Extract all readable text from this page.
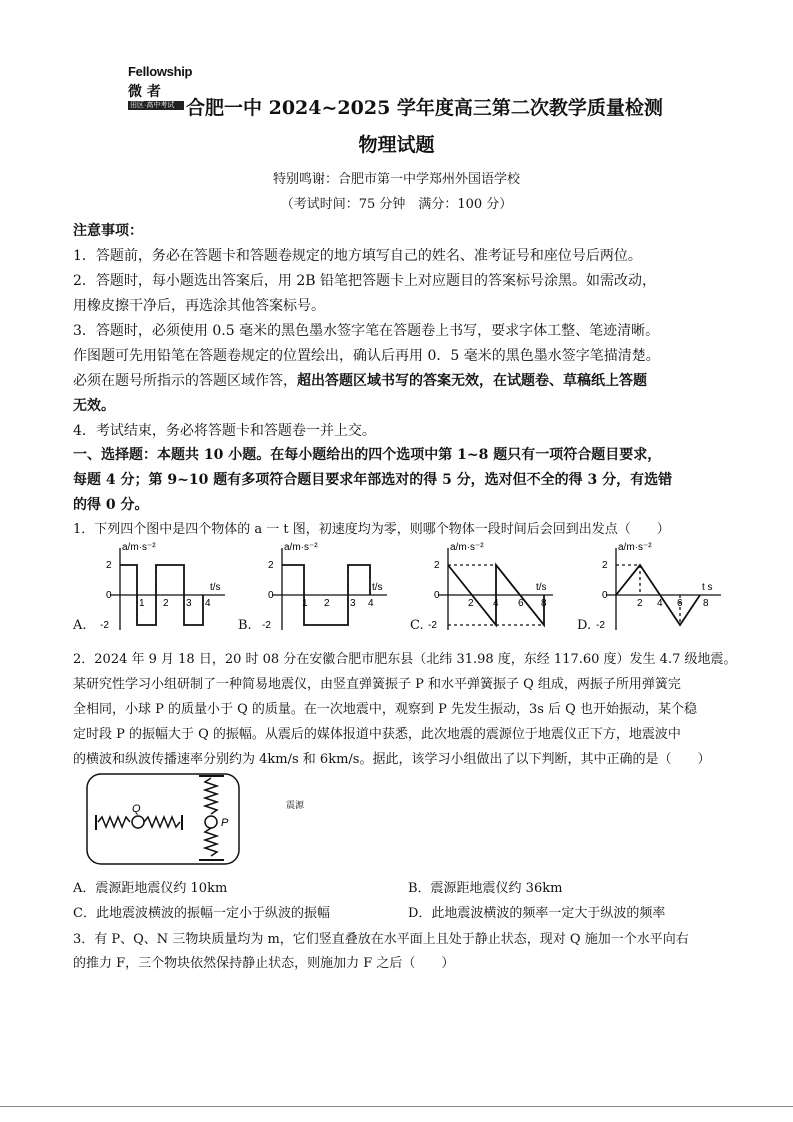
Fellowship
微 者
田区·高中考试 合肥一中 2024~2025 学年度高三第二次教学质量检测
物理试题
特别鸣谢：合肥市第一中学郑州外国语学校
（考试时间：75 分钟　满分：100 分）
注意事项：
1．答题前，务必在答题卡和答题卷规定的地方填写自己的姓名、准考证号和座位号后两位。
2．答题时，每小题选出答案后，用 2B 铅笔把答题卡上对应题目的答案标号涂黑。如需改动，
用橡皮擦干净后，再选涂其他答案标号。
3．答题时，必须使用 0.5 毫米的黑色墨水签字笔在答题卷上书写，要求字体工整、笔迹清晰。
作图题可先用铅笔在答题卷规定的位置绘出，确认后再用 0．5 毫米的黑色墨水签字笔描清楚。
必须在题号所指示的答题区域作答，超出答题区域书写的答案无效，在试题卷、草稿纸上答题
无效。
4．考试结束，务必将答题卡和答题卷一并上交。
一、选择题：本题共 10 小题。在每小题给出的四个选项中第 1~8 题只有一项符合题目要求，
每题 4 分；第 9~10 题有多项符合题目要求年部选对的得 5 分，选对但不全的得 3 分，有选错
的得 0 分。
1．下列四个图中是四个物体的 a 一 t 图，初速度均为零，则哪个物体一段时间后会回到出发点（　　）
A.
a/m·s⁻²
t/s
2
0
1 2 3 4
-2	B.
a/m·s⁻²
t/s
2
0
1 2 3 4
-2	C.
a/m·s⁻²
t/s
2
0
2 4 6 8
-2	D.
a/m·s⁻²
t s
2
0
2 4 6 8
-2
2．2024 年 9 月 18 日，20 时 08 分在安徽合肥市肥东县（北纬 31.98 度，东经 117.60 度）发生 4.7 级地震。
某研究性学习小组研制了一种简易地震仪，由竖直弹簧振子 P 和水平弹簧振子 Q 组成，两振子所用弹簧完
全相同，小球 P 的质量小于 Q 的质量。在一次地震中，观察到 P 先发生振动，3s 后 Q 也开始振动，某个稳
定时段 P 的振幅大于 Q 的振幅。从震后的媒体报道中获悉，此次地震的震源位于地震仪正下方，地震波中
的横波和纵波传播速率分别约为 4km/s 和 6km/s。据此，该学习小组做出了以下判断，其中正确的是（　　）
Q
P
震源
A．震源距地震仪约 10km	B．震源距地震仪约 36km
C．此地震波横波的振幅一定小于纵波的振幅	D．此地震波横波的频率一定大于纵波的频率
3．有 P、Q、N 三物块质量均为 m，它们竖直叠放在水平面上且处于静止状态，现对 Q 施加一个水平向右
的推力 F，三个物块依然保持静止状态，则施加力 F 之后（　　）
